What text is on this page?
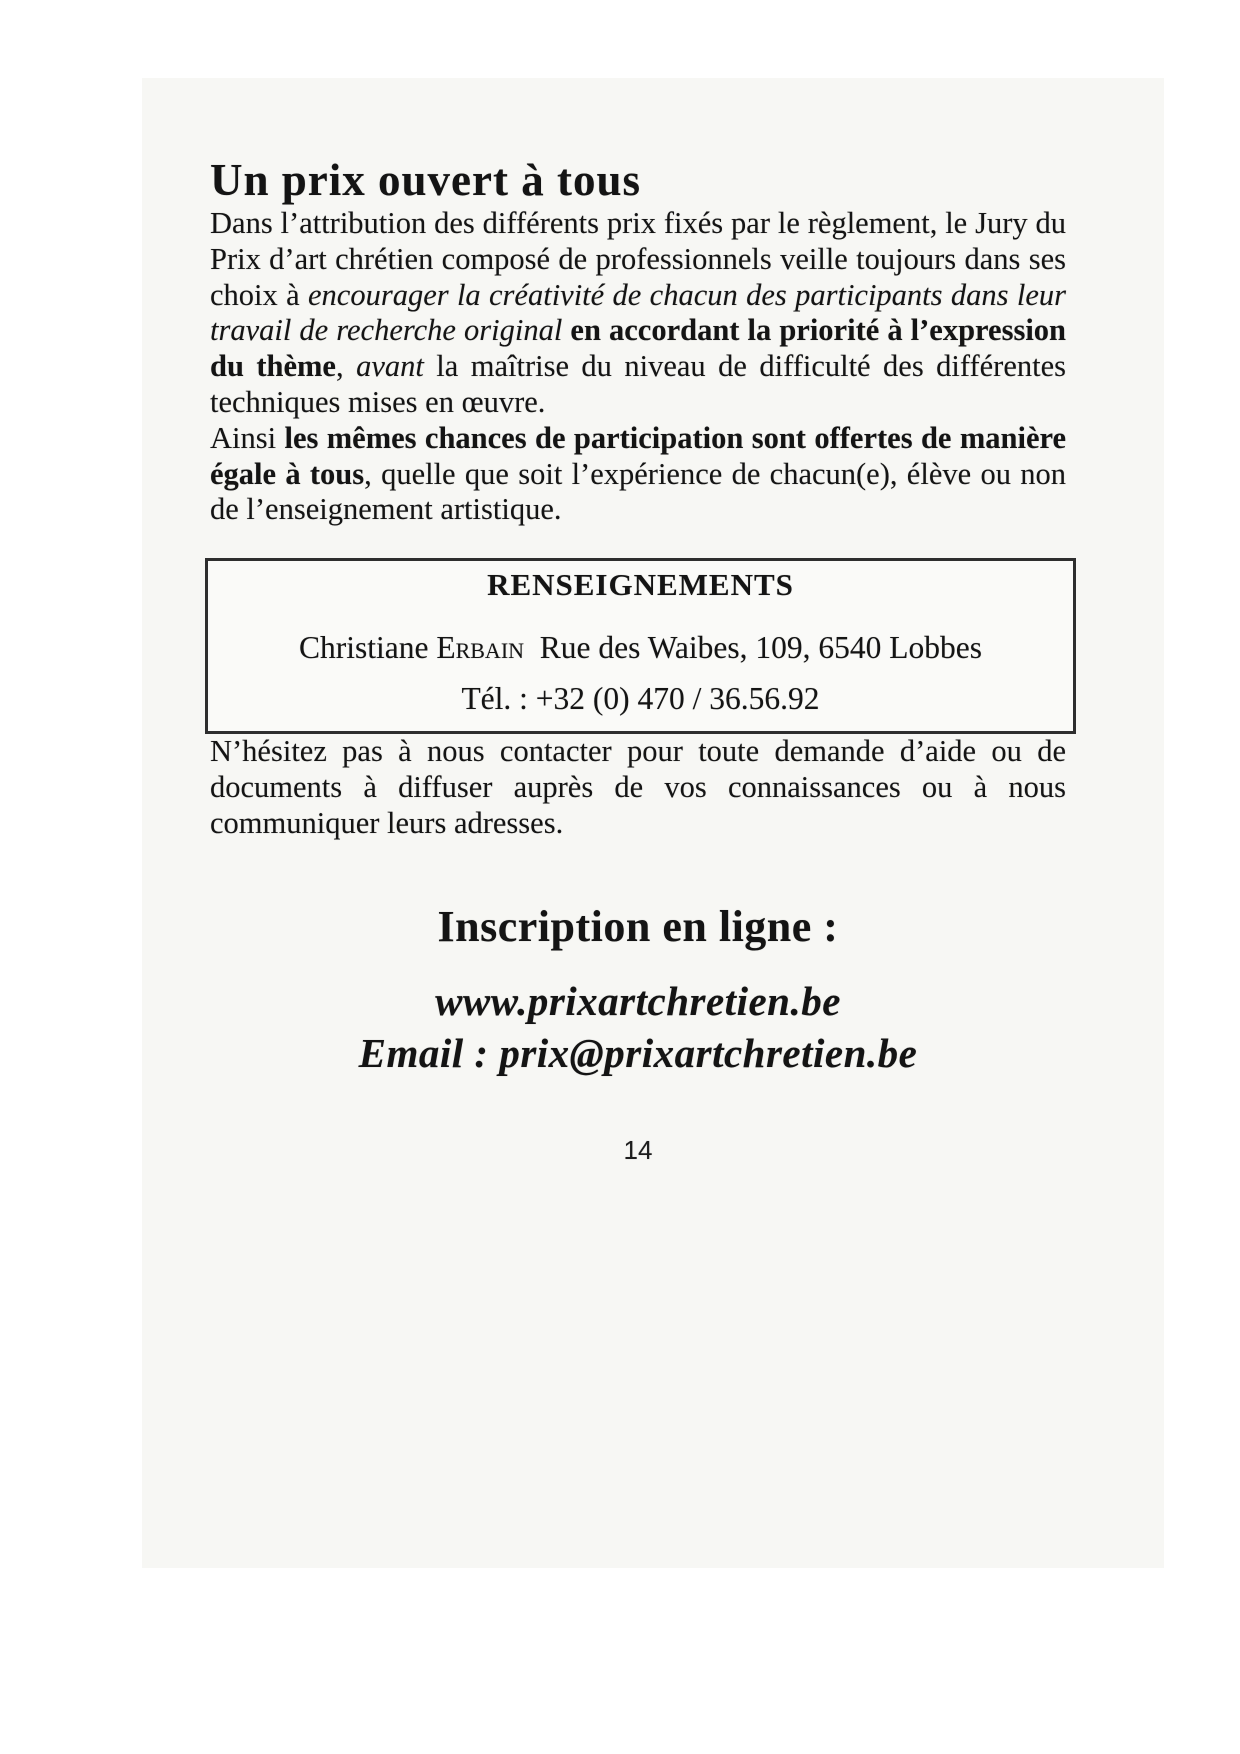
Un prix ouvert à tous

Dans l’attribution des différents prix fixés par le règlement, le Jury du Prix d’art chrétien composé de professionnels veille toujours dans ses choix à encourager la créativité de chacun des participants dans leur travail de recherche original en accordant la priorité à l’expression du thème, avant la maîtrise du niveau de difficulté des différentes techniques mises en œuvre.

Ainsi les mêmes chances de participation sont offertes de manière égale à tous, quelle que soit l’expérience de chacun(e), élève ou non de l’enseignement artistique.

RENSEIGNEMENTS
Christiane Erbain  Rue des Waibes, 109, 6540 Lobbes
Tél. : +32 (0) 470 / 36.56.92

N’hésitez pas à nous contacter pour toute demande d’aide ou de documents à diffuser auprès de vos connaissances ou à nous communiquer leurs adresses.

Inscription en ligne :
www.prixartchretien.be
Email : prix@prixartchretien.be
14
